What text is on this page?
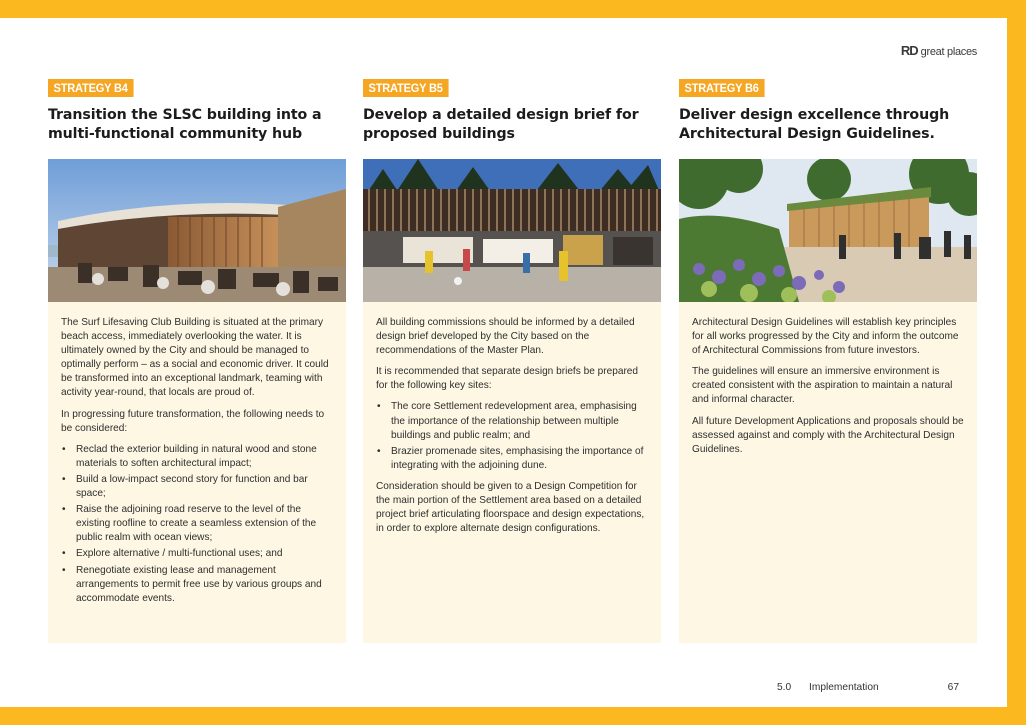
RD great places
STRATEGY B4
Transition the SLSC building into a multi-functional community hub

The Surf Lifesaving Club Building is situated at the primary beach access, immediately overlooking the water. It is ultimately owned by the City and should be managed to optimally perform – as a social and economic driver. It could be transformed into an exceptional landmark, teaming with activity year-round, that locals are proud of.

In progressing future transformation, the following needs to be considered:

• Reclad the exterior building in natural wood and stone materials to soften architectural impact;
• Build a low-impact second story for function and bar space;
• Raise the adjoining road reserve to the level of the existing roofline to create a seamless extension of the public realm with ocean views;
• Explore alternative / multi-functional uses; and
• Renegotiate existing lease and management arrangements to permit free use by various groups and accommodate events.
STRATEGY B5
Develop a detailed design brief for proposed buildings

All building commissions should be informed by a detailed design brief developed by the City based on the recommendations of the Master Plan.

It is recommended that separate design briefs be prepared for the following key sites:

• The core Settlement redevelopment area, emphasising the importance of the relationship between multiple buildings and public realm; and
• Brazier promenade sites, emphasising the importance of integrating with the adjoining dune.

Consideration should be given to a Design Competition for the main portion of the Settlement area based on a detailed project brief articulating floorspace and design expectations, in order to explore alternate design configurations.

STRATEGY B6
Deliver design excellence through Architectural Design Guidelines.

Architectural Design Guidelines will establish key principles for all works progressed by the City and inform the outcome of Architectural Commissions from future investors.

The guidelines will ensure an immersive environment is created consistent with the aspiration to maintain a natural and informal character.

All future Development Applications and proposals should be assessed against and comply with the Architectural Design Guidelines.

5.0	Implementation	67
